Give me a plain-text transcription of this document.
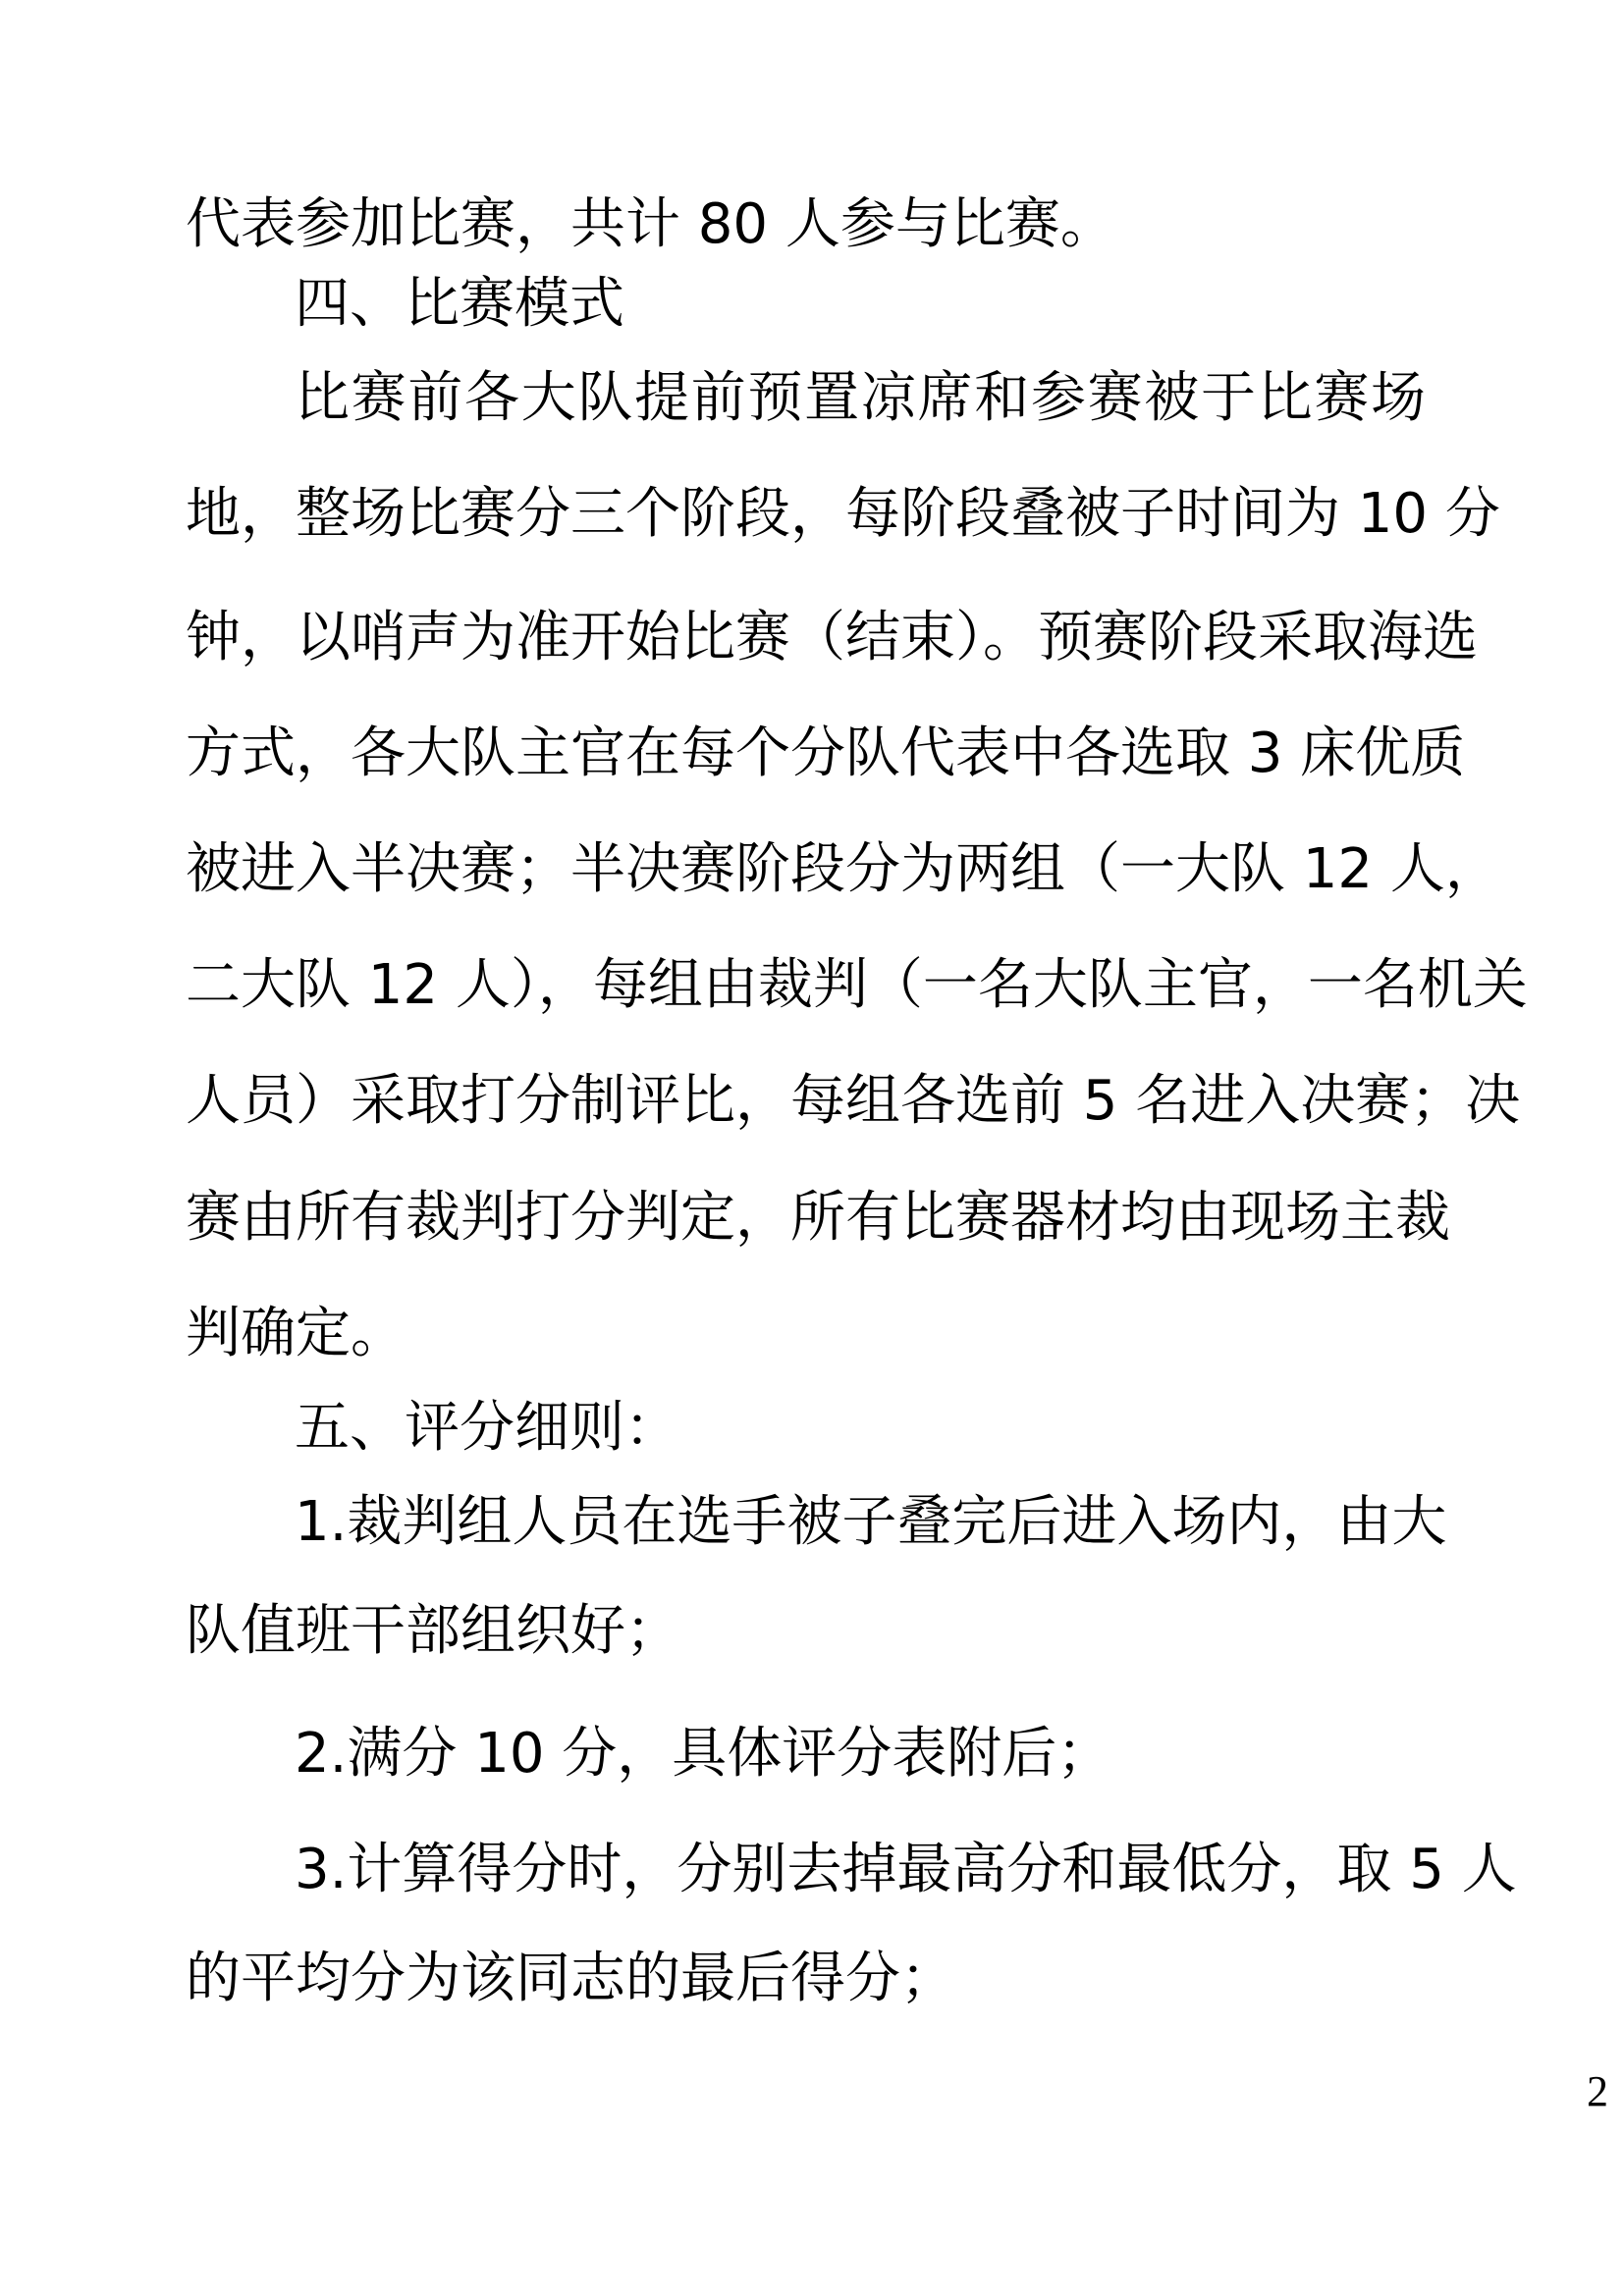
代表参加比赛，共计 80 人参与比赛。
四、比赛模式
比赛前各大队提前预置凉席和参赛被于比赛场
地，整场比赛分三个阶段，每阶段叠被子时间为 10 分
钟，以哨声为准开始比赛（结束）。预赛阶段采取海选
方式，各大队主官在每个分队代表中各选取 3 床优质
被进入半决赛；半决赛阶段分为两组（一大队 12 人，
二大队 12 人），每组由裁判（一名大队主官，一名机关
人员）采取打分制评比，每组各选前 5 名进入决赛；决
赛由所有裁判打分判定，所有比赛器材均由现场主裁
判确定。
五、评分细则：
1.裁判组人员在选手被子叠完后进入场内，由大
队值班干部组织好；
2.满分 10 分，具体评分表附后；
3.计算得分时，分别去掉最高分和最低分，取 5 人
的平均分为该同志的最后得分；
2
